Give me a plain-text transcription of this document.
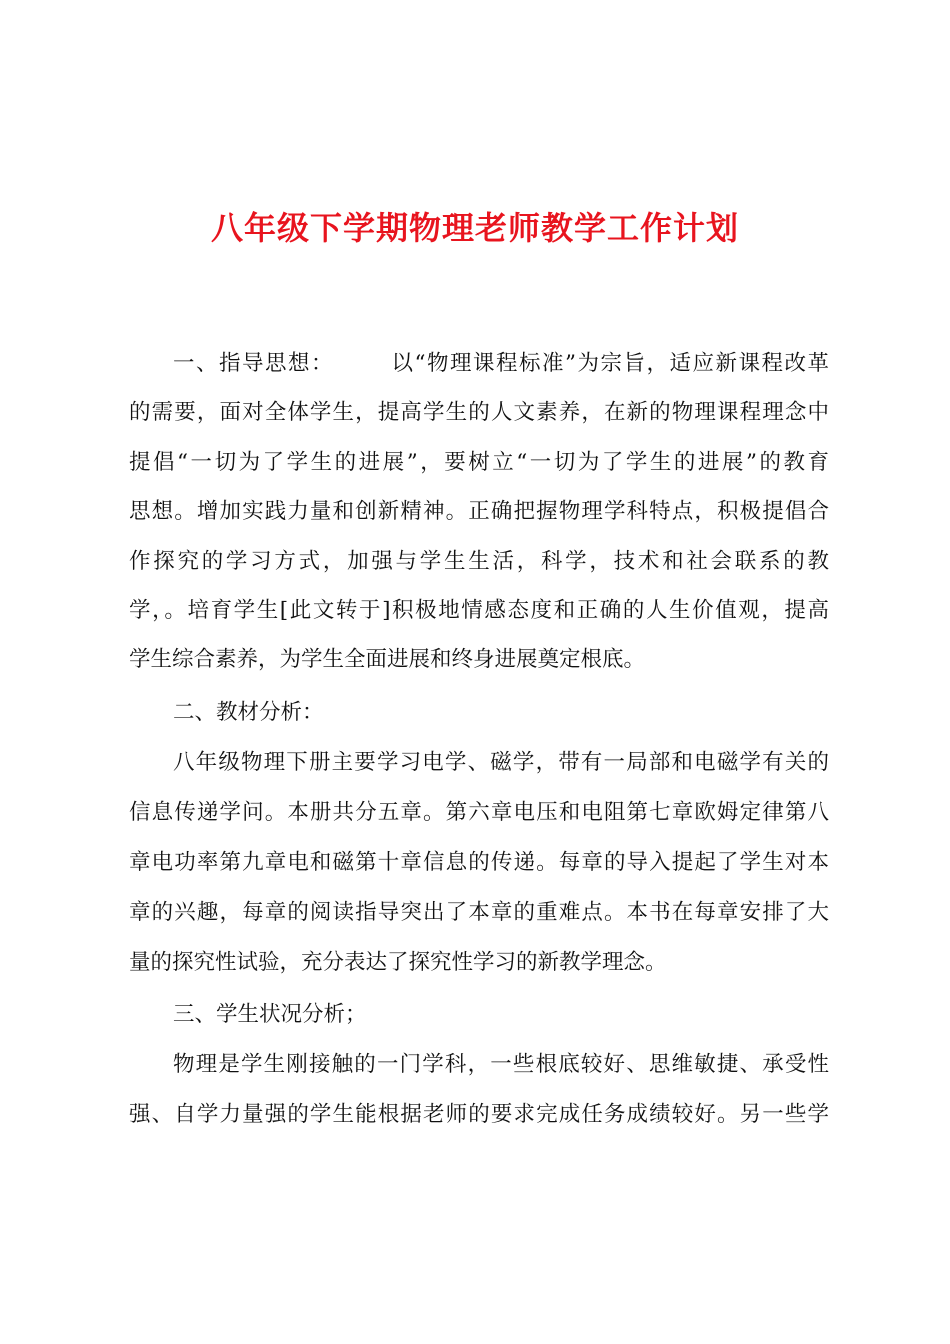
八年级下学期物理老师教学工作计划
一、指导思想：	以“物理课程标准”为宗旨，适应新课程改革
的需要，面对全体学生，提高学生的人文素养，在新的物理课程理念中
提倡“一切为了学生的进展”，要树立“一切为了学生的进展”的教育
思想。增加实践力量和创新精神。正确把握物理学科特点，积极提倡合
作探究的学习方式，加强与学生生活，科学，技术和社会联系的教
学，。培育学生[此文转于]积极地情感态度和正确的人生价值观，提高
学生综合素养，为学生全面进展和终身进展奠定根底。
二、教材分析：
八年级物理下册主要学习电学、磁学，带有一局部和电磁学有关的
信息传递学问。本册共分五章。第六章电压和电阻第七章欧姆定律第八
章电功率第九章电和磁第十章信息的传递。每章的导入提起了学生对本
章的兴趣，每章的阅读指导突出了本章的重难点。本书在每章安排了大
量的探究性试验，充分表达了探究性学习的新教学理念。
三、学生状况分析；
物理是学生刚接触的一门学科，一些根底较好、思维敏捷、承受性
强、自学力量强的学生能根据老师的要求完成任务成绩较好。另一些学
